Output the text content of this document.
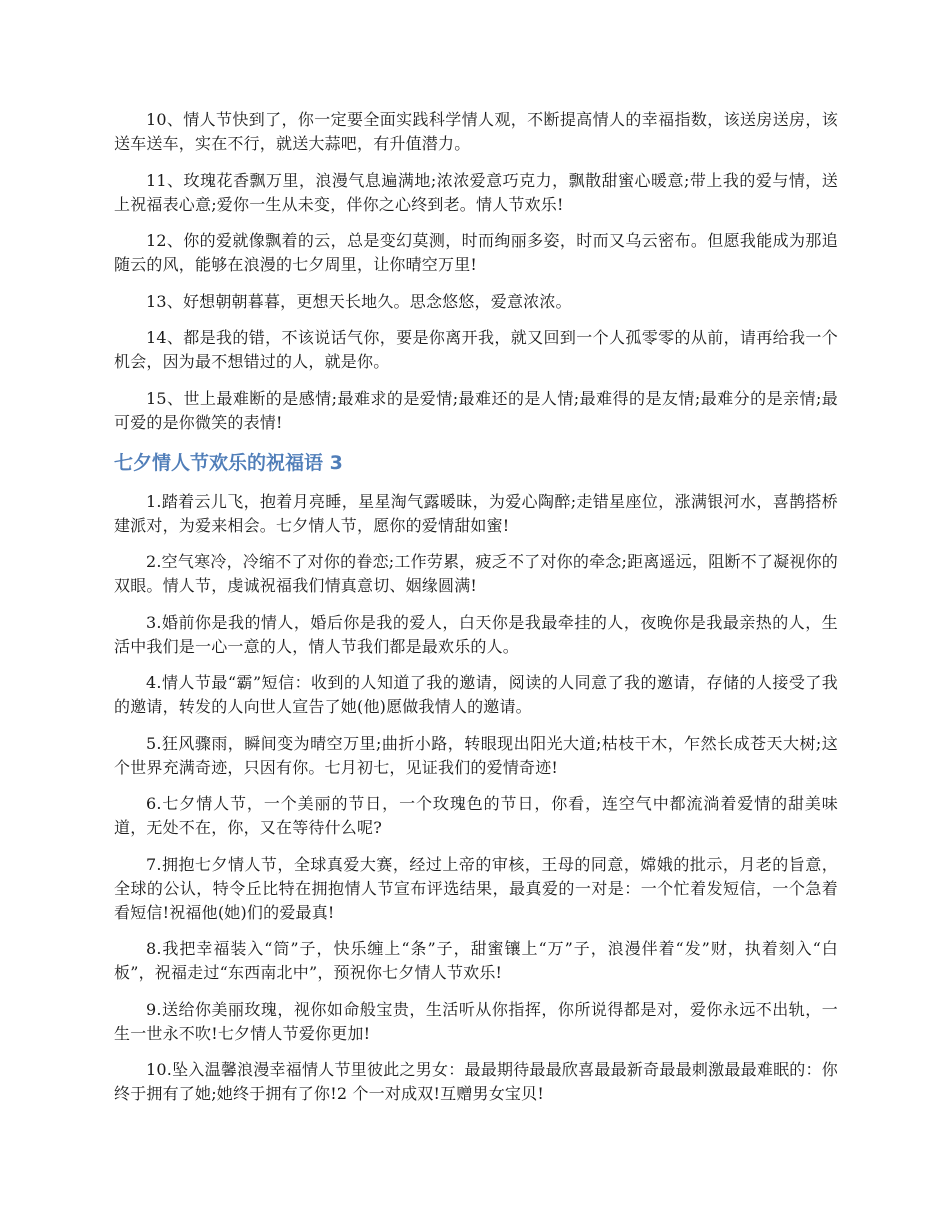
10、情人节快到了，你一定要全面实践科学情人观，不断提高情人的幸福指数，该送房送房，该送车送车，实在不行，就送大蒜吧，有升值潜力。

11、玫瑰花香飘万里，浪漫气息遍满地;浓浓爱意巧克力，飘散甜蜜心暖意;带上我的爱与情，送上祝福表心意;爱你一生从未变，伴你之心终到老。情人节欢乐!

12、你的爱就像飘着的云，总是变幻莫测，时而绚丽多姿，时而又乌云密布。但愿我能成为那追随云的风，能够在浪漫的七夕周里，让你晴空万里!

13、好想朝朝暮暮，更想天长地久。思念悠悠，爱意浓浓。

14、都是我的错，不该说话气你，要是你离开我，就又回到一个人孤零零的从前，请再给我一个机会，因为最不想错过的人，就是你。

15、世上最难断的是感情;最难求的是爱情;最难还的是人情;最难得的是友情;最难分的是亲情;最可爱的是你微笑的表情!

七夕情人节欢乐的祝福语 3

1.踏着云儿飞，抱着月亮睡，星星淘气露暖昧，为爱心陶醉;走错星座位，涨满银河水，喜鹊搭桥建派对，为爱来相会。七夕情人节，愿你的爱情甜如蜜!

2.空气寒冷，冷缩不了对你的眷恋;工作劳累，疲乏不了对你的牵念;距离遥远，阻断不了凝视你的双眼。情人节，虔诚祝福我们情真意切、姻缘圆满!

3.婚前你是我的情人，婚后你是我的爱人，白天你是我最牵挂的人，夜晚你是我最亲热的人，生活中我们是一心一意的人，情人节我们都是最欢乐的人。

4.情人节最“霸”短信：收到的人知道了我的邀请，阅读的人同意了我的邀请，存储的人接受了我的邀请，转发的人向世人宣告了她(他)愿做我情人的邀请。

5.狂风骤雨，瞬间变为晴空万里;曲折小路，转眼现出阳光大道;枯枝干木，乍然长成苍天大树;这个世界充满奇迹，只因有你。七月初七，见证我们的爱情奇迹!

6.七夕情人节，一个美丽的节日，一个玫瑰色的节日，你看，连空气中都流淌着爱情的甜美味道，无处不在，你，又在等待什么呢?

7.拥抱七夕情人节，全球真爱大赛，经过上帝的审核，王母的同意，嫦娥的批示，月老的旨意，全球的公认，特令丘比特在拥抱情人节宣布评选结果，最真爱的一对是：一个忙着发短信，一个急着看短信!祝福他(她)们的爱最真!

8.我把幸福装入“筒”子，快乐缠上“条”子，甜蜜镶上“万”子，浪漫伴着“发”财，执着刻入“白板”，祝福走过“东西南北中”，预祝你七夕情人节欢乐!

9.送给你美丽玫瑰，视你如命般宝贵，生活听从你指挥，你所说得都是对，爱你永远不出轨，一生一世永不吹!七夕情人节爱你更加!

10.坠入温馨浪漫幸福情人节里彼此之男女：最最期待最最欣喜最最新奇最最刺激最最难眠的：你终于拥有了她;她终于拥有了你!2 个一对成双!互赠男女宝贝!
